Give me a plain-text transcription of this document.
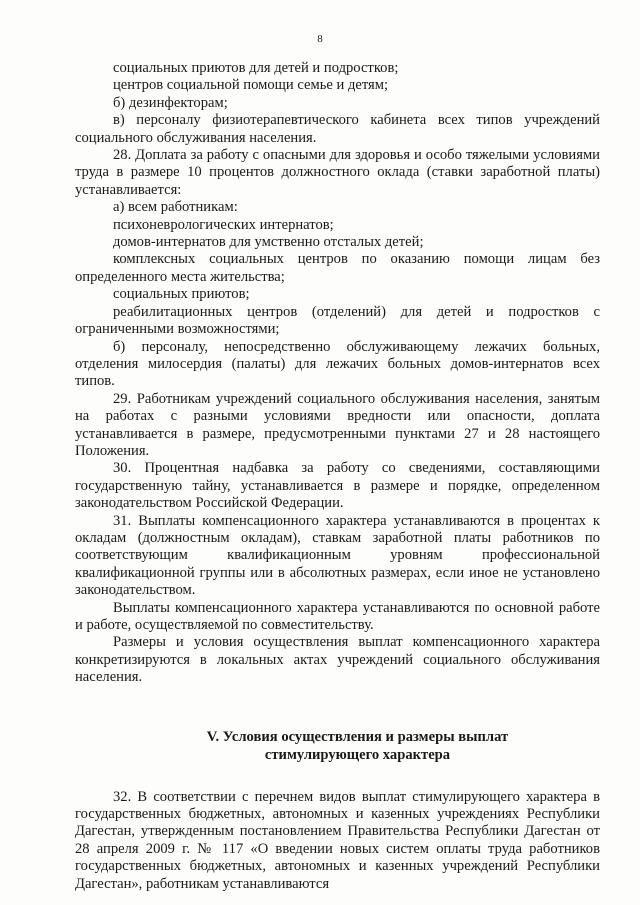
8

социальных приютов для детей и подростков;

центров социальной помощи семье и детям;

б) дезинфекторам;

в) персоналу физиотерапевтического кабинета всех типов учреждений социального обслуживания населения.

28. Доплата за работу с опасными для здоровья и особо тяжелыми условиями труда в размере 10 процентов должностного оклада (ставки заработной платы) устанавливается:

а) всем работникам:

психоневрологических интернатов;

домов-интернатов для умственно отсталых детей;

комплексных социальных центров по оказанию помощи лицам без определенного места жительства;

социальных приютов;

реабилитационных центров (отделений) для детей и подростков с ограниченными возможностями;

б) персоналу, непосредственно обслуживающему лежачих больных, отделения милосердия (палаты) для лежачих больных домов-интернатов всех типов.

29. Работникам учреждений социального обслуживания населения, занятым на работах с разными условиями вредности или опасности, доплата устанавливается в размере, предусмотренными пунктами 27 и 28 настоящего Положения.

30. Процентная надбавка за работу со сведениями, составляющими государственную тайну, устанавливается в размере и порядке, определенном законодательством Российской Федерации.

31. Выплаты компенсационного характера устанавливаются в процентах к окладам (должностным окладам), ставкам заработной платы работников по соответствующим квалификационным уровням профессиональной квалификационной группы или в абсолютных размерах, если иное не установлено законодательством.

Выплаты компенсационного характера устанавливаются по основной работе и работе, осуществляемой по совместительству.

Размеры и условия осуществления выплат компенсационного характера конкретизируются в локальных актах учреждений социального обслуживания населения.

V. Условия осуществления и размеры выплат
стимулирующего характера

32. В соответствии с перечнем видов выплат стимулирующего характера в государственных бюджетных, автономных и казенных учреждениях Республики Дагестан, утвержденным постановлением Правительства Республики Дагестан от 28 апреля 2009 г. № 117 «О введении новых систем оплаты труда работников государственных бюджетных, автономных и казенных учреждений Республики Дагестан», работникам устанавливаются
